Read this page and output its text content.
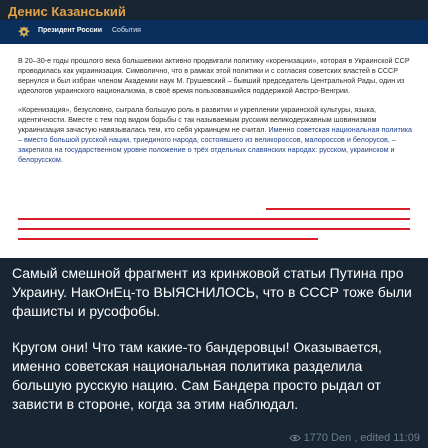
Денис Казанський
Президент России События

В 20–30-е годы прошлого века большевики активно продвигали политику «коренизации», которая в Украинской ССР проводилась как украинизация. Символично, что в рамках этой политики и с согласия советских властей в СССР вернулся и был избран членом Академии наук М. Грушевский – бывший председатель Центральной Рады, один из идеологов украинского национализма, в своё время пользовавшийся поддержкой Австро-Венгрии.

«Коренизация», безусловно, сыграла большую роль в развитии и укреплении украинской культуры, языка, идентичности. Вместе с тем под видом борьбы с так называемым русским великодержавным шовинизмом украинизация зачастую навязывалась тем, кто себя украинцем не считал. Именно советская национальная политика – вместо большой русской нации, триединого народа, состоявшего из великороссов, малороссов и белорусов, – закрепила на государственном уровне положение о трёх отдельных славянских народах: русском, украинском и белорусском.

Самый смешной фрагмент из кринжовой статьи Путина про Украину. НакОнЕц-то ВЫЯСНИЛОСЬ, что в СССР тоже были фашисты и русофобы.

Кругом они! Что там какие-то бандеровцы! Оказывается, именно советская национальная политика разделила большую русскую нацию. Сам Бандера просто рыдал от зависти в стороне, когда за этим наблюдал.

1770 Den , edited 11:09
